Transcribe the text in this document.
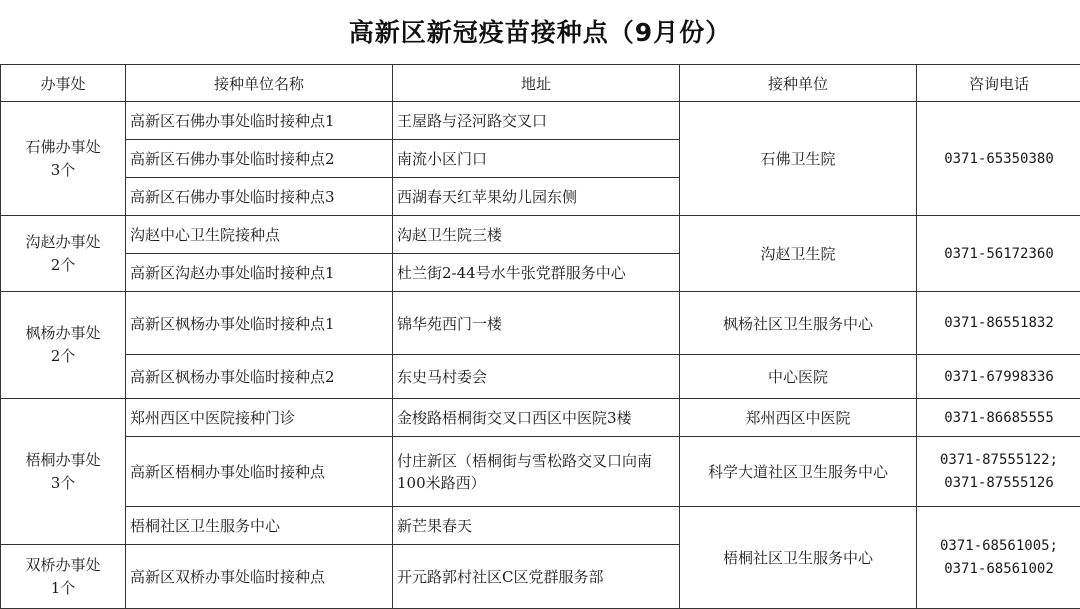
高新区新冠疫苗接种点（9月份）
办事处	接种单位名称	地址	接种单位	咨询电话

石佛办事处
3个	高新区石佛办事处临时接种点1	王屋路与泾河路交叉口	石佛卫生院	0371-65350380
	高新区石佛办事处临时接种点2	南流小区门口		
	高新区石佛办事处临时接种点3	西湖春天红苹果幼儿园东侧		

沟赵办事处
2个	沟赵中心卫生院接种点	沟赵卫生院三楼	沟赵卫生院	0371-56172360
	高新区沟赵办事处临时接种点1	杜兰街2-44号水牛张党群服务中心		

枫杨办事处
2个	高新区枫杨办事处临时接种点1	锦华苑西门一楼	枫杨社区卫生服务中心	0371-86551832
	高新区枫杨办事处临时接种点2	东史马村委会	中心医院	0371-67998336

梧桐办事处
3个	郑州西区中医院接种门诊	金梭路梧桐街交叉口西区中医院3楼	郑州西区中医院	0371-86685555
	高新区梧桐办事处临时接种点	付庄新区（梧桐街与雪松路交叉口向南100米路西）	科学大道社区卫生服务中心	0371-87555122;
0371-87555126

	梧桐社区卫生服务中心	新芒果春天	梧桐社区卫生服务中心	0371-68561005;
0371-68561002

双桥办事处
1个	高新区双桥办事处临时接种点	开元路郭村社区C区党群服务部		
